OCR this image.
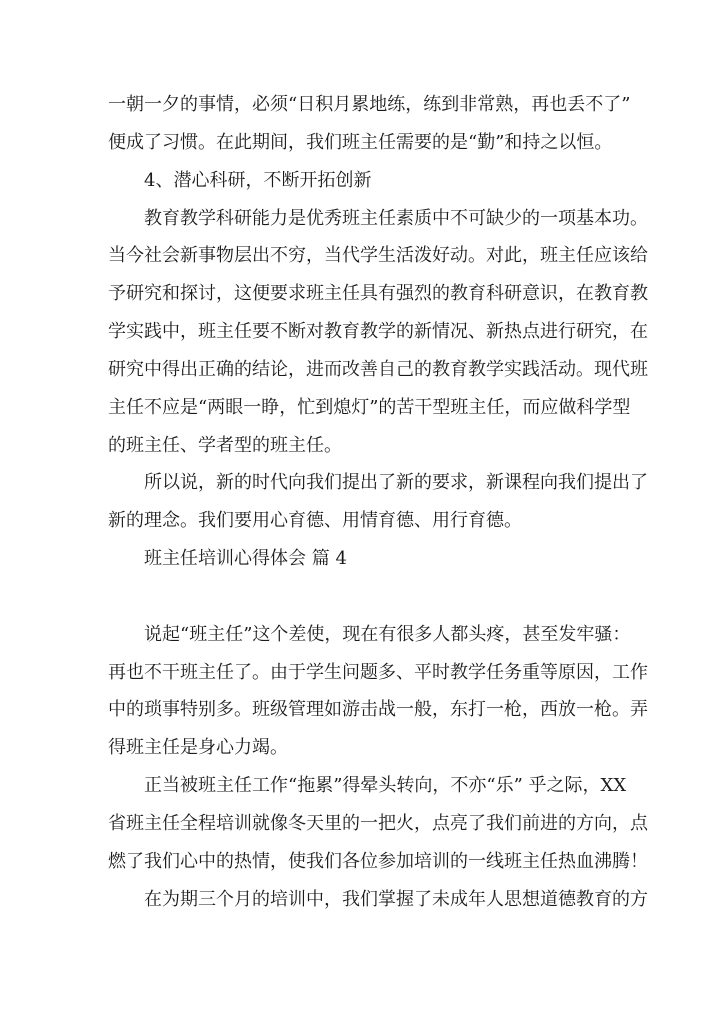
一朝一夕的事情，必须“日积月累地练，练到非常熟，再也丢不了”
便成了习惯。在此期间，我们班主任需要的是“勤”和持之以恒。
4、潜心科研，不断开拓创新
教育教学科研能力是优秀班主任素质中不可缺少的一项基本功。
当今社会新事物层出不穷，当代学生活泼好动。对此，班主任应该给
予研究和探讨，这便要求班主任具有强烈的教育科研意识，在教育教
学实践中，班主任要不断对教育教学的新情况、新热点进行研究，在
研究中得出正确的结论，进而改善自己的教育教学实践活动。现代班
主任不应是“两眼一睁，忙到熄灯”的苦干型班主任，而应做科学型
的班主任、学者型的班主任。
所以说，新的时代向我们提出了新的要求，新课程向我们提出了
新的理念。我们要用心育德、用情育德、用行育德。
班主任培训心得体会 篇 4
说起“班主任”这个差使，现在有很多人都头疼，甚至发牢骚：
再也不干班主任了。由于学生问题多、平时教学任务重等原因，工作
中的琐事特别多。班级管理如游击战一般，东打一枪，西放一枪。弄
得班主任是身心力竭。
正当被班主任工作“拖累”得晕头转向，不亦“乐” 乎之际，XX
省班主任全程培训就像冬天里的一把火，点亮了我们前进的方向，点
燃了我们心中的热情，使我们各位参加培训的一线班主任热血沸腾！
在为期三个月的培训中，我们掌握了未成年人思想道德教育的方
